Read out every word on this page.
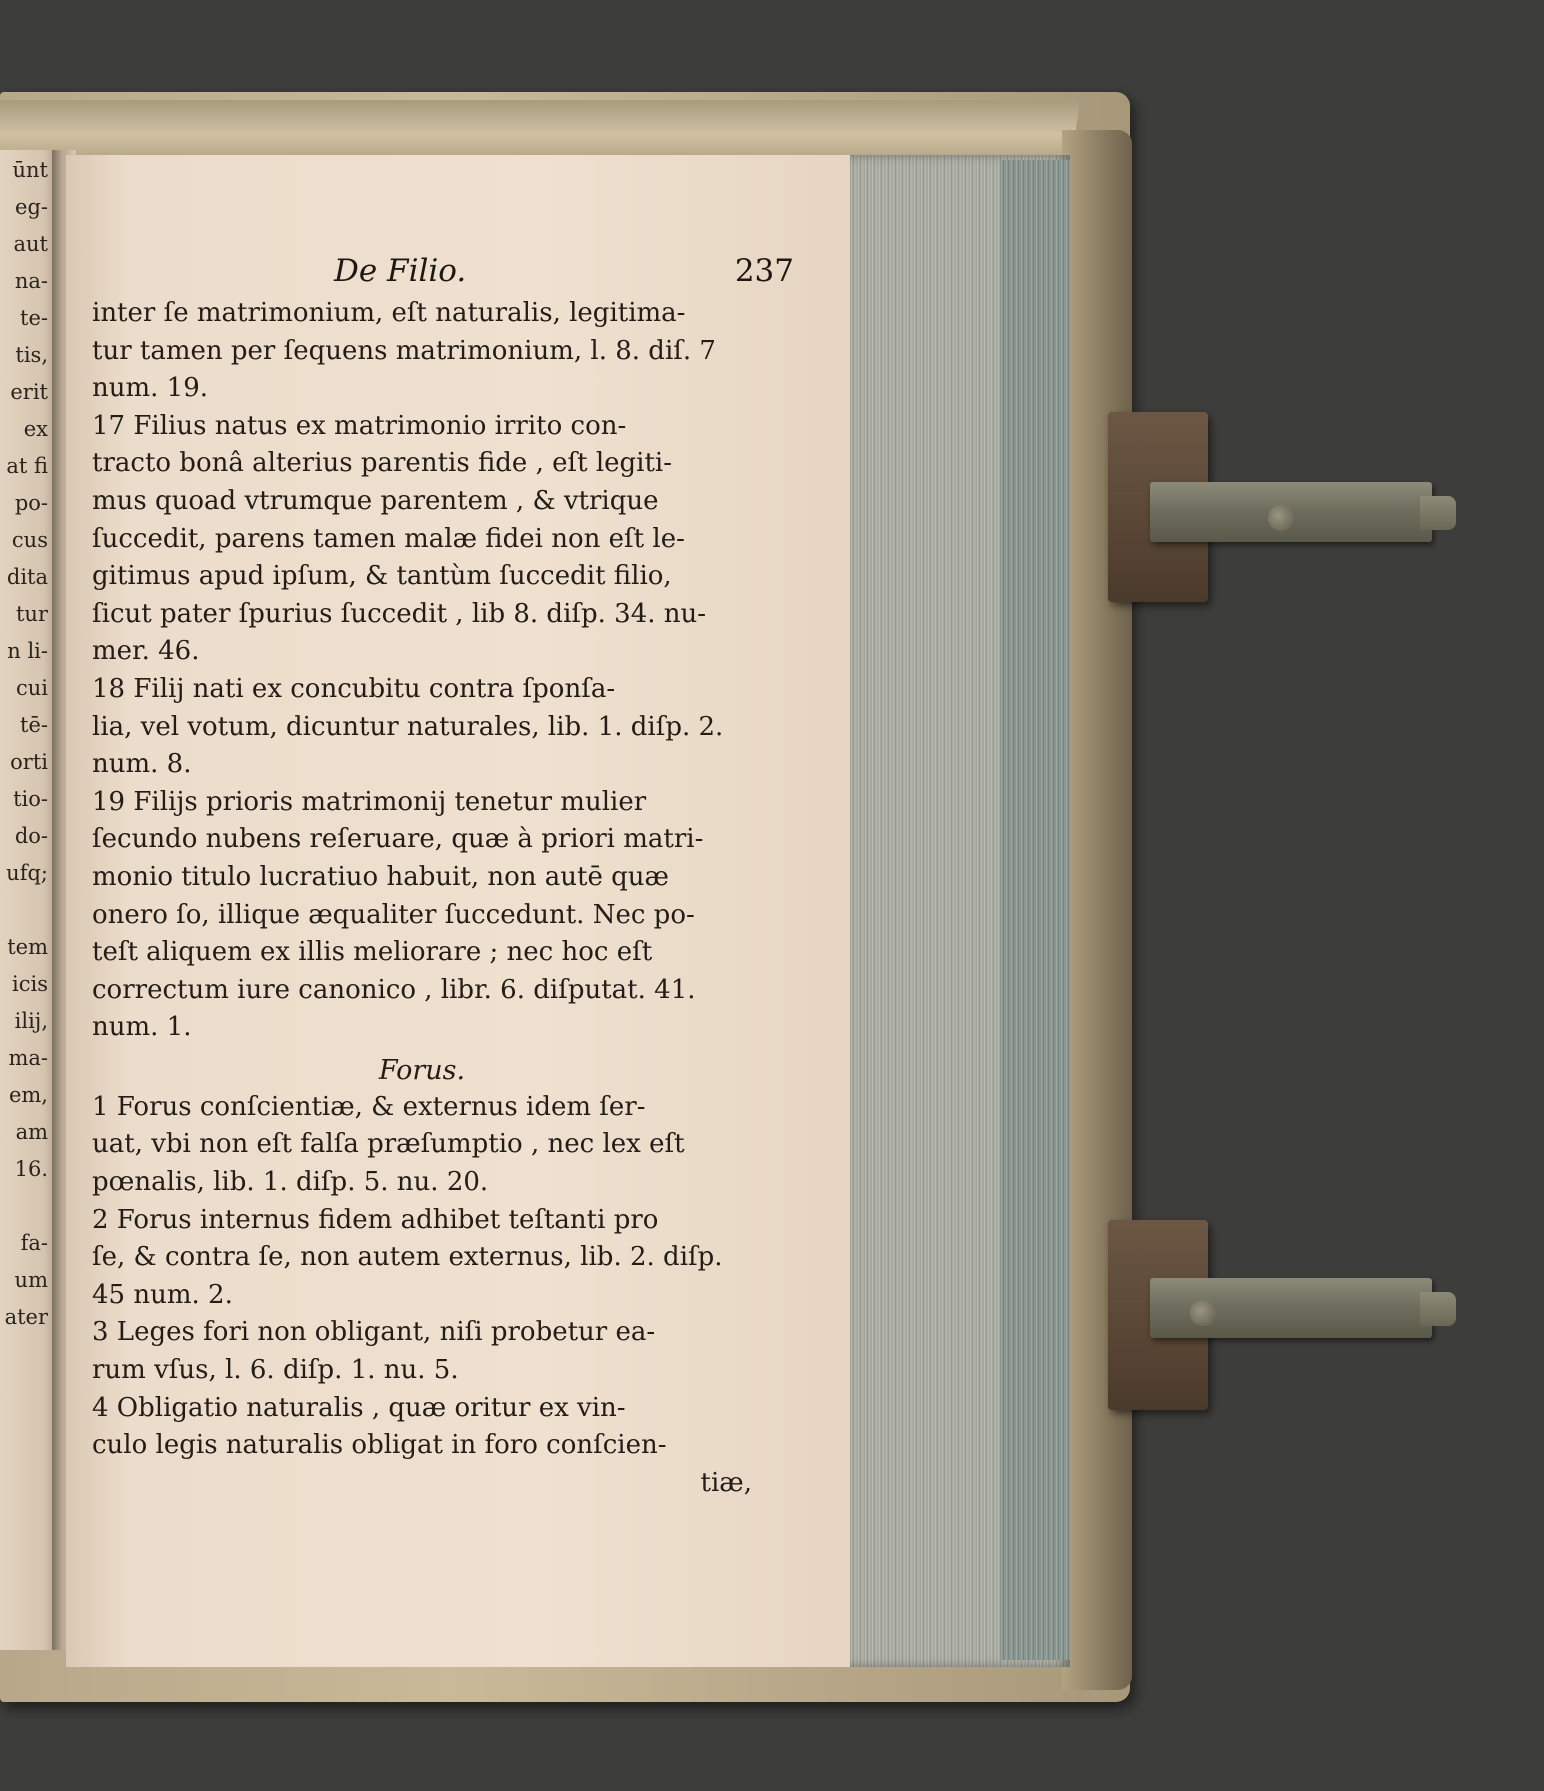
ūnt
eg-
aut
na-
te-
tis,
erit
ex
at fi
po-
cus
dita
tur
n li-
cui
tē-
orti
tio-
do-
ufq;
tem
icis
ilij,
ma-
em,
am
16.
fa-
um
ater
De Filio.	237
inter ſe matrimonium, eſt naturalis, legitima-
tur tamen per ſequens matrimonium, l. 8. diſ. 7
num. 19.
17 Filius natus ex matrimonio irrito con-
tracto bonâ alterius parentis fide , eſt legiti-
mus quoad vtrumque parentem , & vtrique
ſuccedit, parens tamen malæ fidei non eſt le-
gitimus apud ipſum, & tantùm ſuccedit filio,
ſicut pater ſpurius ſuccedit , lib 8. diſp. 34. nu-
mer. 46.
18 Filij nati ex concubitu contra ſponſa-
lia, vel votum, dicuntur naturales, lib. 1. diſp. 2.
num. 8.
19 Filijs prioris matrimonij tenetur mulier
ſecundo nubens reſeruare, quæ à priori matri-
monio titulo lucratiuo habuit, non autē quæ
onero ſo, illique æqualiter ſuccedunt. Nec po-
teſt aliquem ex illis meliorare ; nec hoc eſt
correctum iure canonico , libr. 6. diſputat. 41.
num. 1.
Forus.
1 Forus conſcientiæ, & externus idem ſer-
uat, vbi non eſt falſa præſumptio , nec lex eſt
pœnalis, lib. 1. diſp. 5. nu. 20.
2 Forus internus fidem adhibet teſtanti pro
ſe, & contra ſe, non autem externus, lib. 2. diſp.
45 num. 2.
3 Leges fori non obligant, niſi probetur ea-
rum vſus, l. 6. diſp. 1. nu. 5.
4 Obligatio naturalis , quæ oritur ex vin-
culo legis naturalis obligat in foro conſcien-
tiæ,
